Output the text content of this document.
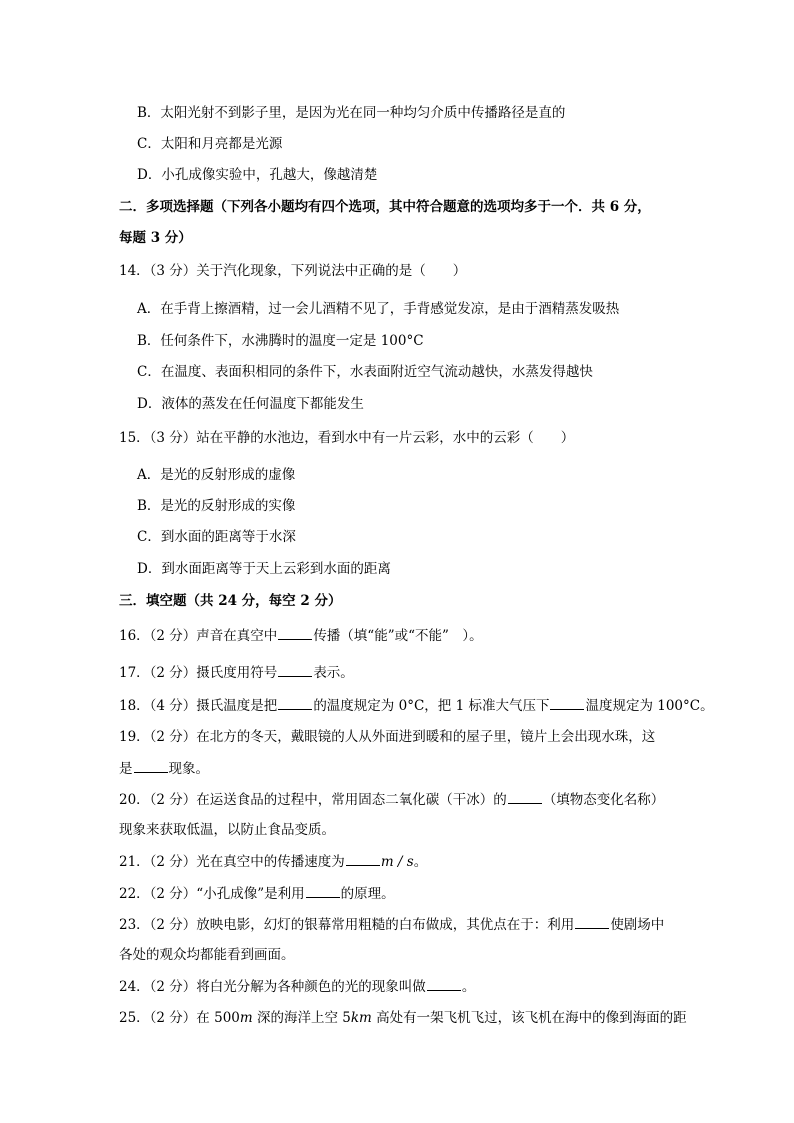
B．太阳光射不到影子里，是因为光在同一种均匀介质中传播路径是直的
C．太阳和月亮都是光源
D．小孔成像实验中，孔越大，像越清楚
二．多项选择题（下列各小题均有四个选项，其中符合题意的选项均多于一个．共 6 分，
每题 3 分）
14．（3 分）关于汽化现象，下列说法中正确的是（　　）
A．在手背上擦酒精，过一会儿酒精不见了，手背感觉发凉，是由于酒精蒸发吸热
B．任何条件下，水沸腾时的温度一定是 100°C
C．在温度、表面积相同的条件下，水表面附近空气流动越快，水蒸发得越快
D．液体的蒸发在任何温度下都能发生
15．（3 分）站在平静的水池边，看到水中有一片云彩，水中的云彩（　　）
A．是光的反射形成的虚像
B．是光的反射形成的实像
C．到水面的距离等于水深
D．到水面距离等于天上云彩到水面的距离
三．填空题（共 24 分，每空 2 分）
16．（2 分）声音在真空中	传播（填“能”或“不能”　）。
17．（2 分）摄氏度用符号	表示。
18．（4 分）摄氏温度是把	的温度规定为 0°C，把 1 标准大气压下	温度规定为 100°C。
19．（2 分）在北方的冬天，戴眼镜的人从外面进到暖和的屋子里，镜片上会出现水珠，这
是	现象。
20．（2 分）在运送食品的过程中，常用固态二氧化碳（干冰）的	（填物态变化名称）
现象来获取低温，以防止食品变质。
21．（2 分）光在真空中的传播速度为	m / s。
22．（2 分）“小孔成像”是利用	的原理。
23．（2 分）放映电影，幻灯的银幕常用粗糙的白布做成，其优点在于：利用	使剧场中
各处的观众均都能看到画面。
24．（2 分）将白光分解为各种颜色的光的现象叫做	。
25．（2 分）在 500m 深的海洋上空 5km 高处有一架飞机飞过，该飞机在海中的像到海面的距
